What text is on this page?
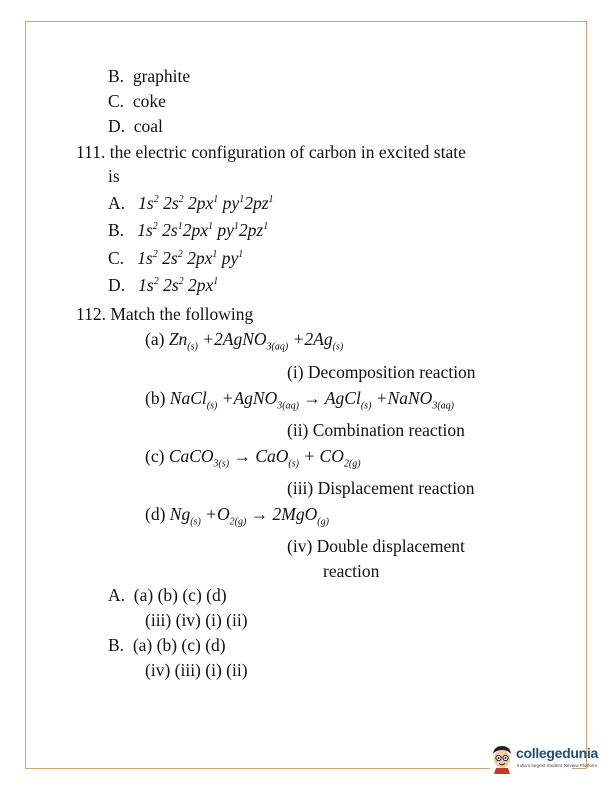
B. graphite
C. coke
D. coal
111. the electric configuration of carbon in excited state
is
A. $1s^2$ $2s^2$ $2px^1$ $py^12pz^1$
B. $1s^2$ $2s^12px^1$ $py^12pz^1$
C. $1s^2$ $2s^2$ $2px^1$ $py^1$
D. $1s^2$ $2s^2$ $2px^1$
112. Match the following
(a) $Zn_{(s)}$ +2AgNO$_{3(aq)}$ $+2Ag_{(s)}$
(i) Decomposition reaction
(b) NaCl$_{(s)}$ +AgNO$_{3(aq)}$ → AgCl$_{(s)}$ +NaNO$_{3(aq)}$
(ii) Combination reaction
(c) CaCO$_{3(s)}$ → $CaO_{(s)} + CO_{2(g)}$
(iii) Displacement reaction
(d) $Ng_{(s)} +O_{2(g)} \to 2MgO_{(g)}$
(iv) Double displacement
reaction
A. (a) (b) (c) (d)
(iii) (iv) (i) (ii)
B. (a) (b) (c) (d)
(iv) (iii) (i) (ii)
collegedunia
India's largest Student Review Platform
